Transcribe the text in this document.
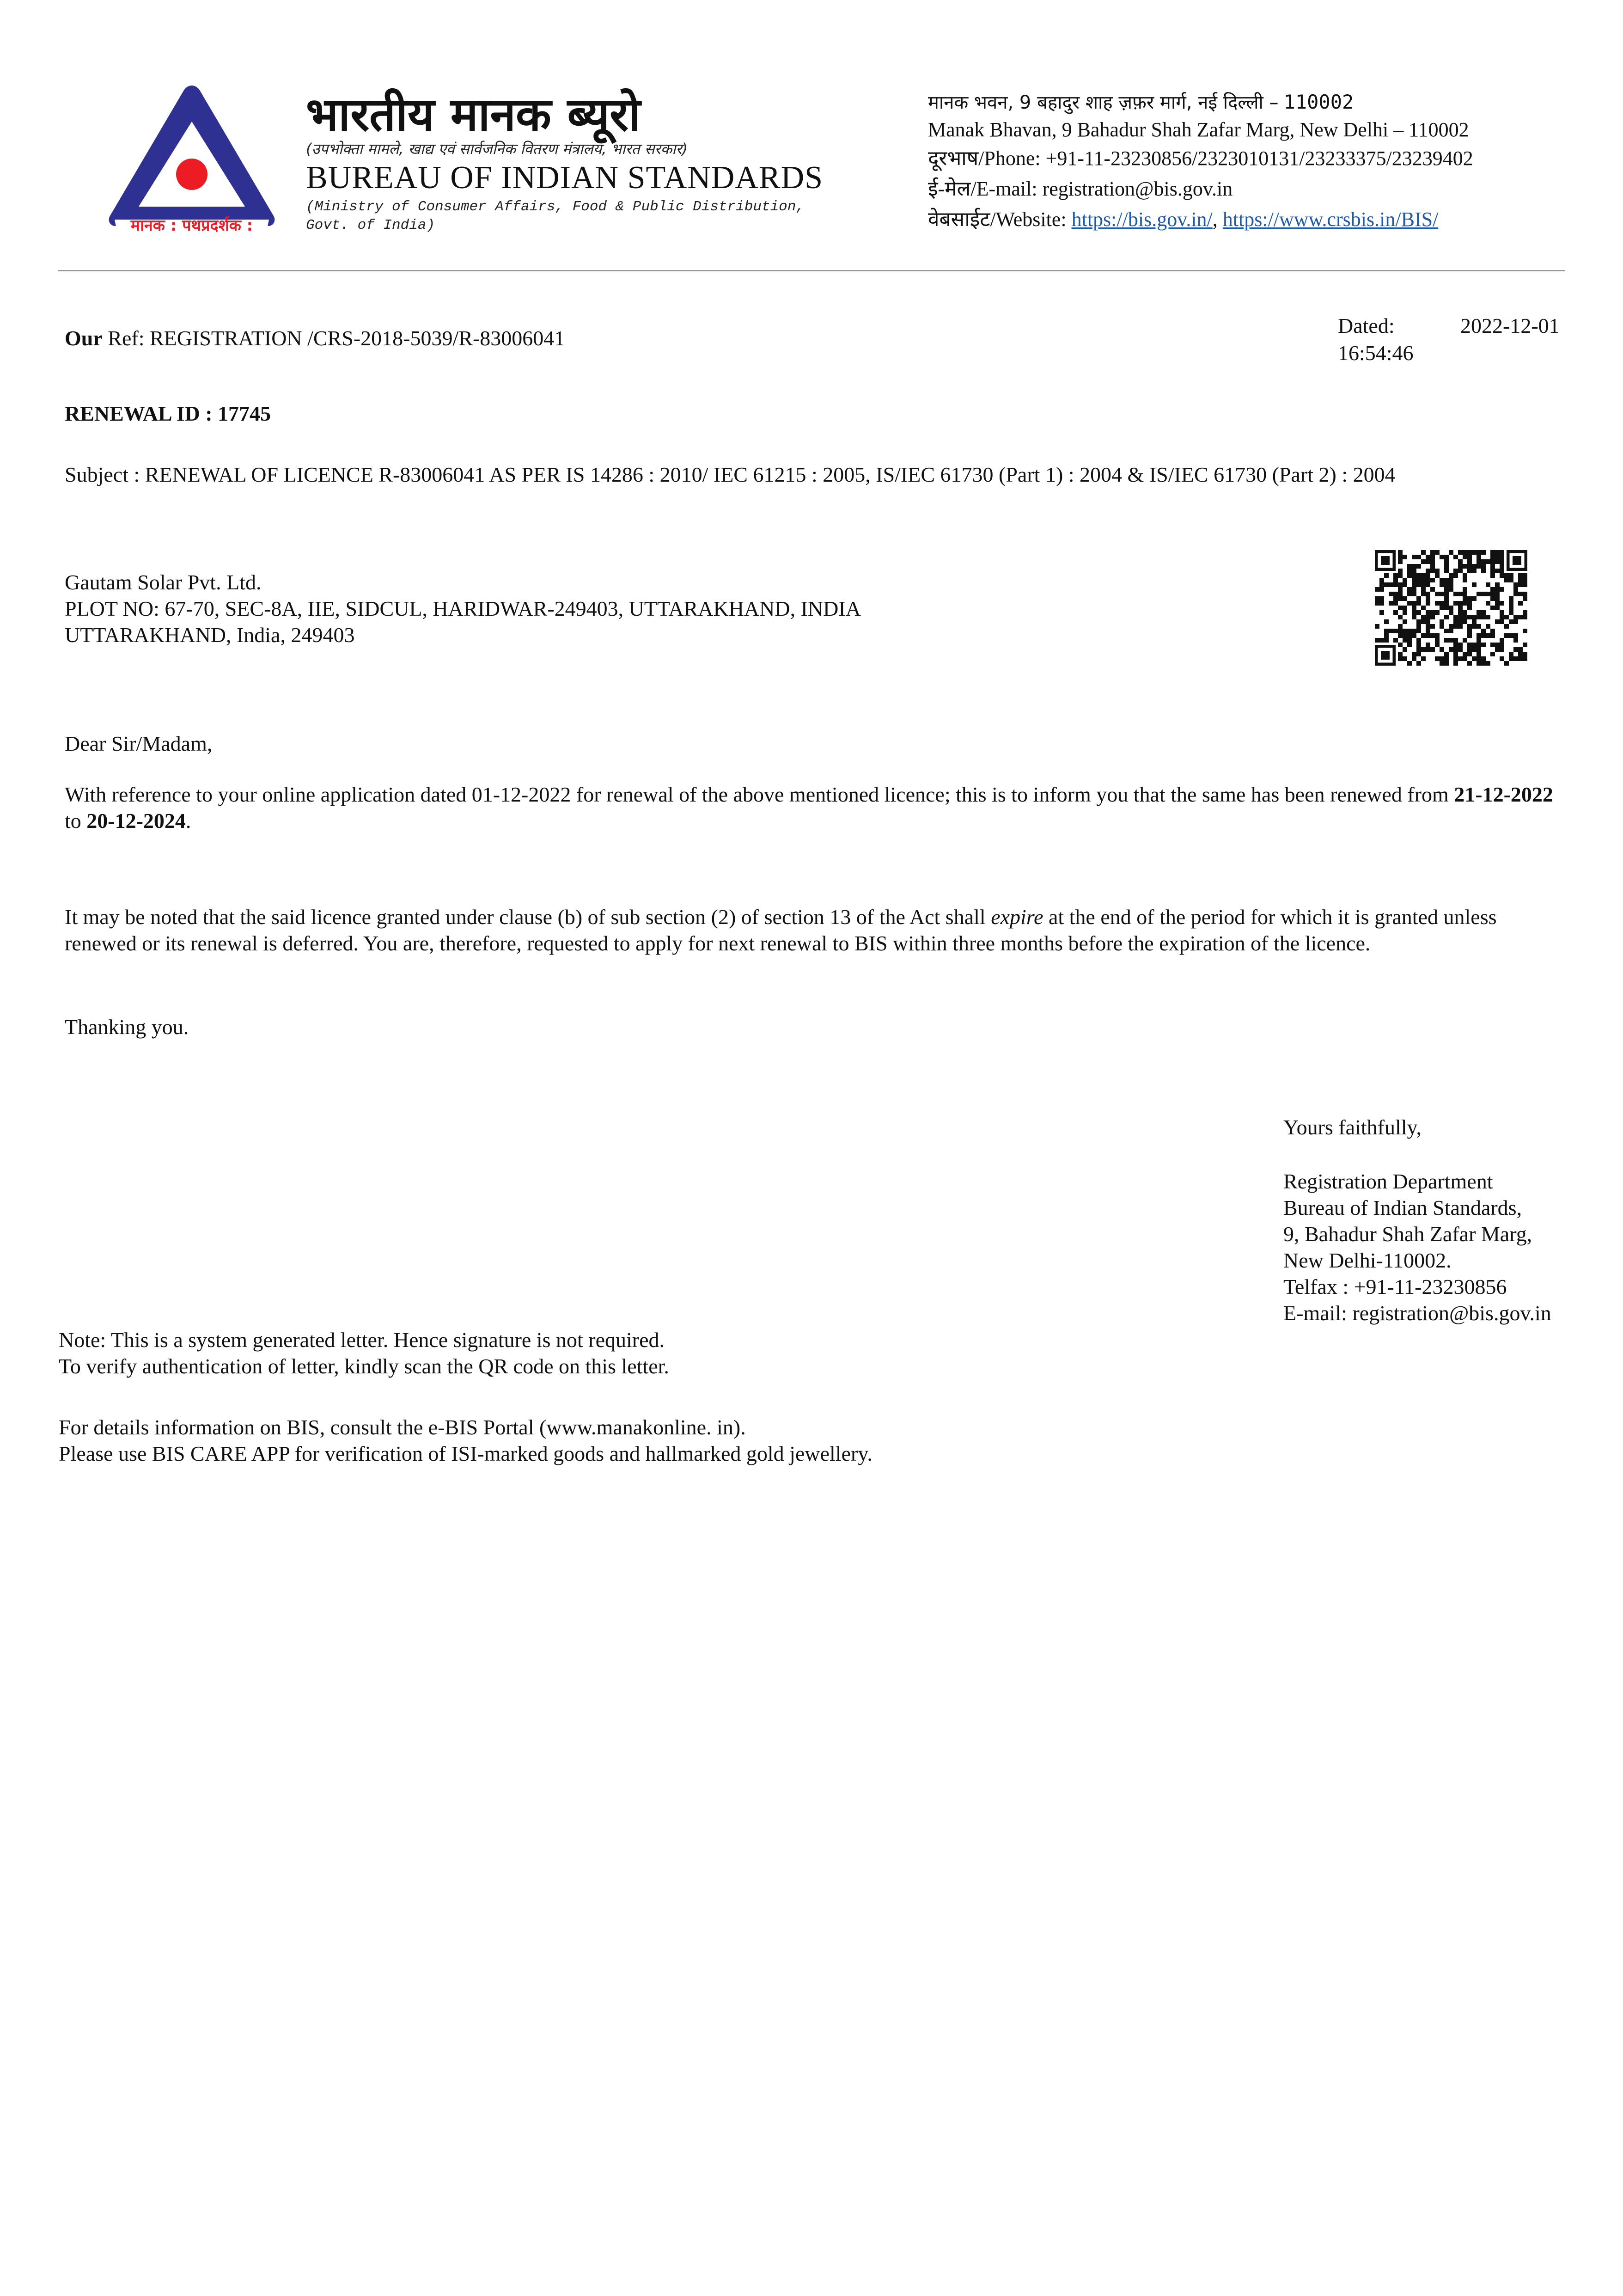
मानक : पथप्रदर्शक :
भारतीय मानक ब्यूरो
(उपभोक्ता मामले, खाद्य एवं सार्वजनिक वितरण मंत्रालय, भारत सरकार)
BUREAU OF INDIAN STANDARDS
(Ministry of Consumer Affairs, Food & Public Distribution,
Govt. of India)
मानक भवन, 9 बहादुर शाह ज़फ़र मार्ग, नई दिल्ली – 110002
Manak Bhavan, 9 Bahadur Shah Zafar Marg, New Delhi – 110002
दूरभाष/Phone: +91-11-23230856/2323010131/23233375/23239402
ई-मेल/E-mail: registration@bis.gov.in
वेबसाईट/Website: https://bis.gov.in/, https://www.crsbis.in/BIS/
Our Ref: REGISTRATION /CRS-2018-5039/R-83006041
Dated:	2022-12-01
16:54:46
RENEWAL ID : 17745
Subject : RENEWAL OF LICENCE R-83006041 AS PER IS 14286 : 2010/ IEC 61215 : 2005, IS/IEC 61730 (Part 1) : 2004 & IS/IEC 61730 (Part 2) : 2004
Gautam Solar Pvt. Ltd.
PLOT NO: 67-70, SEC-8A, IIE, SIDCUL, HARIDWAR-249403, UTTARAKHAND, INDIA
UTTARAKHAND, India, 249403
Dear Sir/Madam,
With reference to your online application dated 01-12-2022 for renewal of the above mentioned licence; this is to inform you that the same has been renewed from 21-12-2022 to 20-12-2024.
It may be noted that the said licence granted under clause (b) of sub section (2) of section 13 of the Act shall expire at the end of the period for which it is granted unless renewed or its renewal is deferred. You are, therefore, requested to apply for next renewal to BIS within three months before the expiration of the licence.
Thanking you.
Yours faithfully,
Registration Department
Bureau of Indian Standards,
9, Bahadur Shah Zafar Marg,
New Delhi-110002.
Telfax : +91-11-23230856
E-mail: registration@bis.gov.in
Note: This is a system generated letter. Hence signature is not required.
To verify authentication of letter, kindly scan the QR code on this letter.
For details information on BIS, consult the e-BIS Portal (www.manakonline. in).
Please use BIS CARE APP for verification of ISI-marked goods and hallmarked gold jewellery.
